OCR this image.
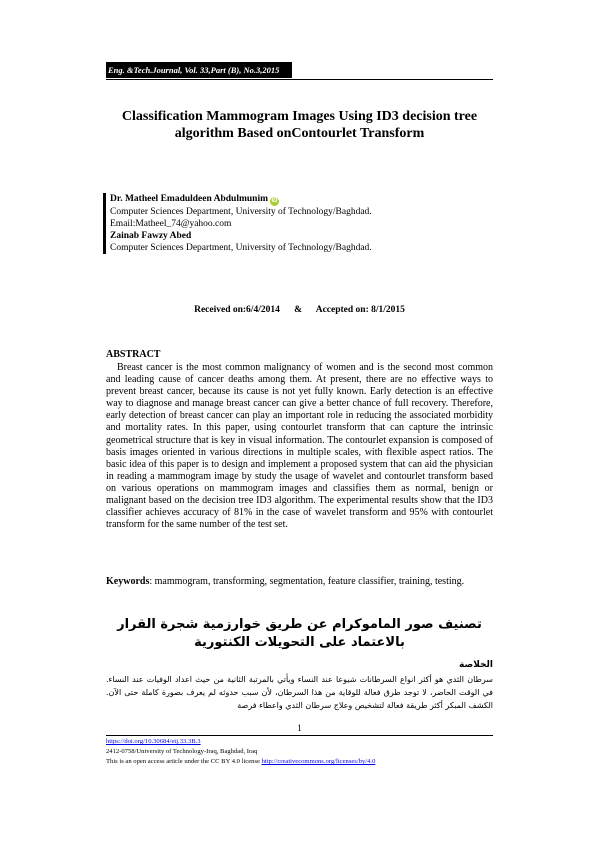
Eng. &Tech.Journal, Vol. 33,Part (B), No.3,2015
Classification Mammogram Images Using ID3 decision tree
algorithm Based onContourlet Transform
Dr. Matheel Emaduldeen Abdulmunim iD
Computer Sciences Department, University of Technology/Baghdad.
Email:Matheel_74@yahoo.com
Zainab Fawzy Abed
Computer Sciences Department, University of Technology/Baghdad.
Received on:6/4/2014      &      Accepted on: 8/1/2015
ABSTRACT
Breast cancer is the most common malignancy of women and is the second most common and leading cause of cancer deaths among them. At present, there are no effective ways to prevent breast cancer, because its cause is not yet fully known. Early detection is an effective way to diagnose and manage breast cancer can give a better chance of full recovery. Therefore, early detection of breast cancer can play an important role in reducing the associated morbidity and mortality rates. In this paper, using contourlet transform that can capture the intrinsic geometrical structure that is key in visual information. The contourlet expansion is composed of basis images oriented in various directions in multiple scales, with flexible aspect ratios. The basic idea of this paper is to design and implement a proposed system that can aid the physician in reading a mammogram image by study the usage of wavelet and contourlet transform based on various operations on mammogram images and classifies them as normal, benign or malignant based on the decision tree ID3 algorithm. The experimental results show that the ID3 classifier achieves accuracy of 81% in the case of wavelet transform and 95% with contourlet transform for the same number of the test set.
Keywords: mammogram, transforming, segmentation, feature classifier, training, testing.
تصنيف صور الماموكرام عن طريق خوارزمية شجرة القرار بالاعتماد على التحويلات الكنتورية
الخلاصة
سرطان الثدي هو أكثر انواع السرطانات شيوعا عند النساء ويأتي بالمرتبة الثانية من حيث اعداد الوفيات عند النساء. في الوقت الحاضر، لا توجد طرق فعالة للوقاية من هذا السرطان، لأن سبب حدوثه لم يعرف بصورة كاملة حتى الآن. الكشف المبكر أكثر طريقة فعالة لتشخيص وعلاج سرطان الثدي واعطاء فرصة
1
https://doi.org/10.30684/etj.33.3B.3
2412-0758/University of Technology-Iraq, Baghdad, Iraq
This is an open access article under the CC BY 4.0 license http://creativecommons.org/licenses/by/4.0
